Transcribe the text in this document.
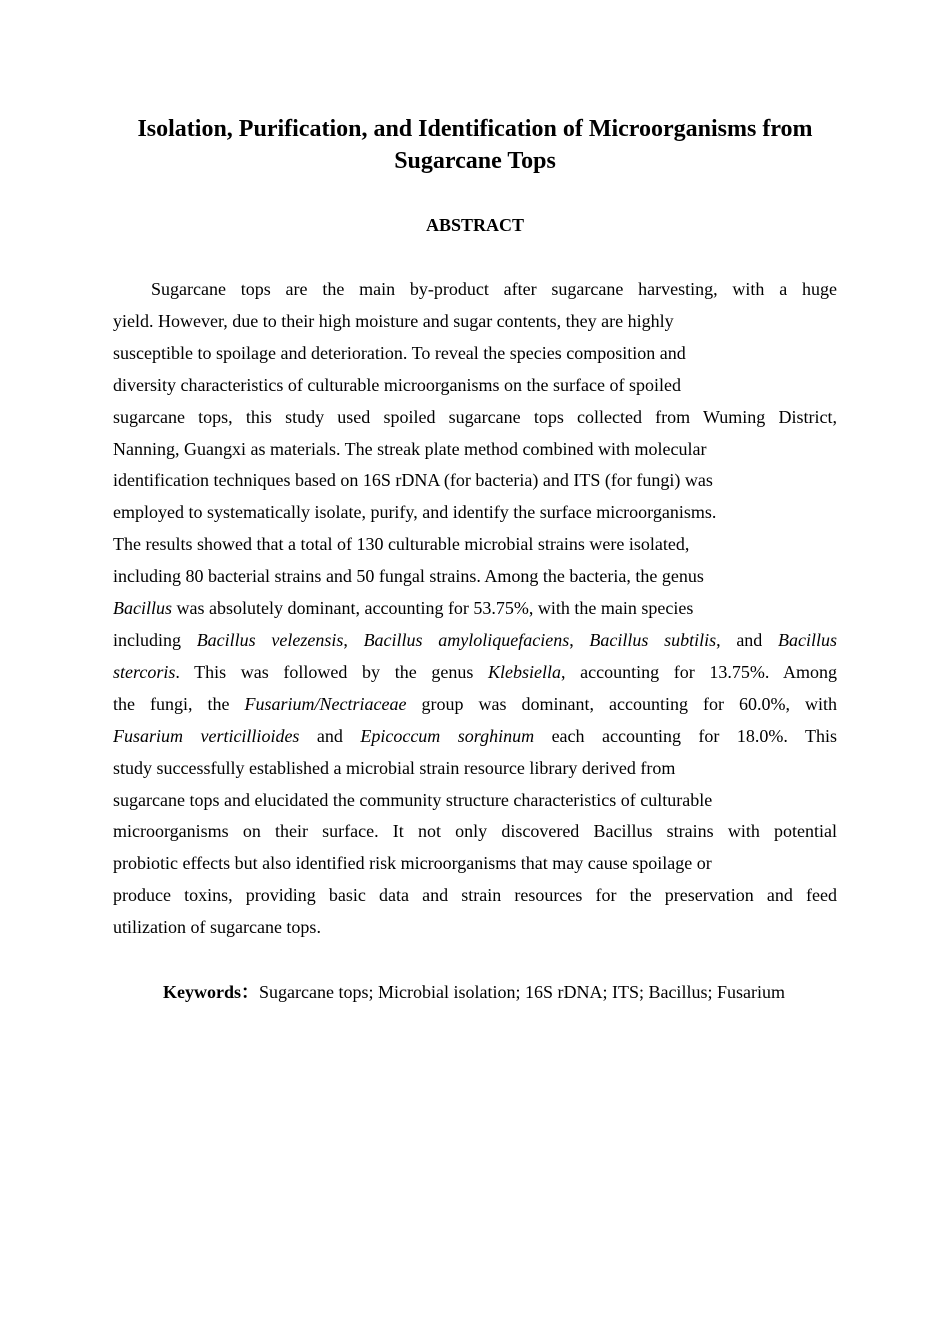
Isolation, Purification, and Identification of Microorganisms from
Sugarcane Tops
ABSTRACT
Sugarcane tops are the main by-product after sugarcane harvesting, with a huge
yield. However, due to their high moisture and sugar contents, they are highly
susceptible to spoilage and deterioration. To reveal the species composition and
diversity characteristics of culturable microorganisms on the surface of spoiled
sugarcane tops, this study used spoiled sugarcane tops collected from Wuming District,
Nanning, Guangxi as materials. The streak plate method combined with molecular
identification techniques based on 16S rDNA (for bacteria) and ITS (for fungi) was
employed to systematically isolate, purify, and identify the surface microorganisms.
The results showed that a total of 130 culturable microbial strains were isolated,
including 80 bacterial strains and 50 fungal strains. Among the bacteria, the genus
Bacillus was absolutely dominant, accounting for 53.75%, with the main species
including Bacillus velezensis, Bacillus amyloliquefaciens, Bacillus subtilis, and Bacillus
stercoris. This was followed by the genus Klebsiella, accounting for 13.75%. Among
the fungi, the Fusarium/Nectriaceae group was dominant, accounting for 60.0%, with
Fusarium verticillioides and Epicoccum sorghinum each accounting for 18.0%. This
study successfully established a microbial strain resource library derived from
sugarcane tops and elucidated the community structure characteristics of culturable
microorganisms on their surface. It not only discovered Bacillus strains with potential
probiotic effects but also identified risk microorganisms that may cause spoilage or
produce toxins, providing basic data and strain resources for the preservation and feed
utilization of sugarcane tops.

Keywords：Sugarcane tops; Microbial isolation; 16S rDNA; ITS; Bacillus; Fusarium
